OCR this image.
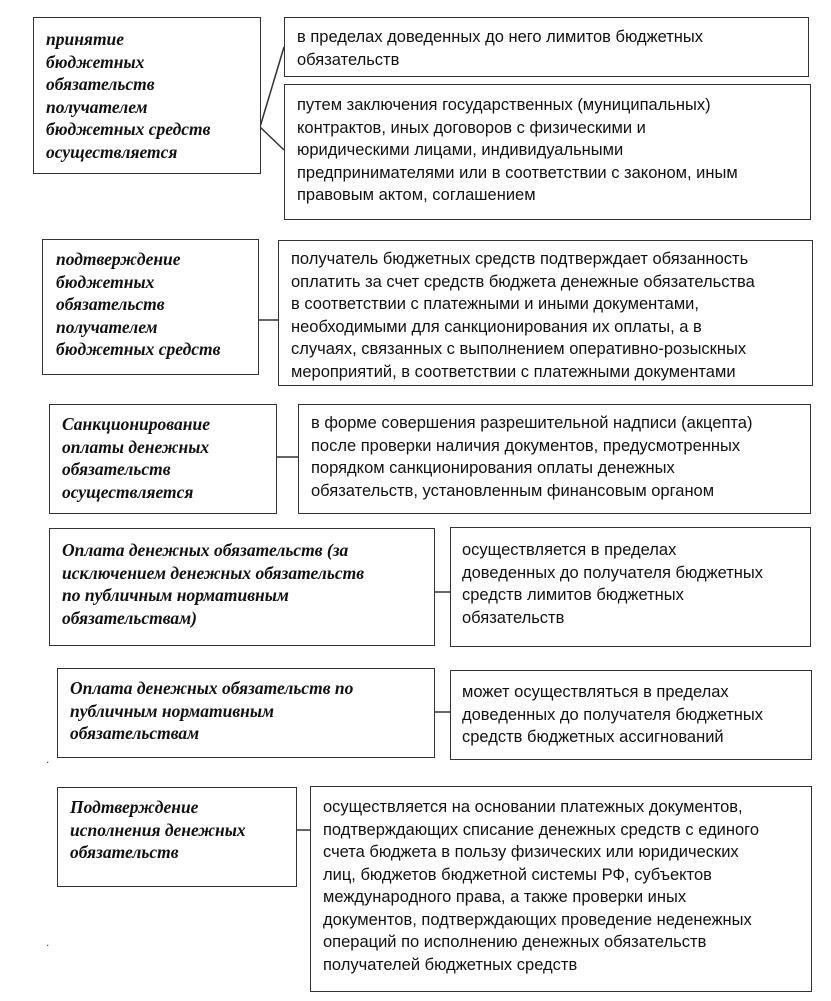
принятие
бюджетных
обязательств
получателем
бюджетных средств
осуществляется
в пределах доведенных до него лимитов бюджетных
обязательств
путем заключения государственных (муниципальных)
контрактов, иных договоров с физическими и
юридическими лицами, индивидуальными
предпринимателями или в соответствии с законом, иным
правовым актом, соглашением
подтверждение
бюджетных
обязательств
получателем
бюджетных средств
получатель бюджетных средств подтверждает обязанность
оплатить за счет средств бюджета денежные обязательства
в соответствии с платежными и иными документами,
необходимыми для санкционирования их оплаты, а в
случаях, связанных с выполнением оперативно-розыскных
мероприятий, в соответствии с платежными документами
Санкционирование
оплаты денежных
обязательств
осуществляется
в форме совершения разрешительной надписи (акцепта)
после проверки наличия документов, предусмотренных
порядком санкционирования оплаты денежных
обязательств, установленным финансовым органом
Оплата денежных обязательств (за
исключением денежных обязательств
по публичным нормативным
обязательствам)
осуществляется в пределах
доведенных до получателя бюджетных
средств лимитов бюджетных
обязательств
Оплата денежных обязательств по
публичным нормативным
обязательствам
может осуществляться в пределах
доведенных до получателя бюджетных
средств бюджетных ассигнований
.
Подтверждение
исполнения денежных
обязательств
осуществляется на основании платежных документов,
подтверждающих списание денежных средств с единого
счета бюджета в пользу физических или юридических
лиц, бюджетов бюджетной системы РФ, субъектов
международного права, а также проверки иных
документов, подтверждающих проведение неденежных
операций по исполнению денежных обязательств
получателей бюджетных средств
.
